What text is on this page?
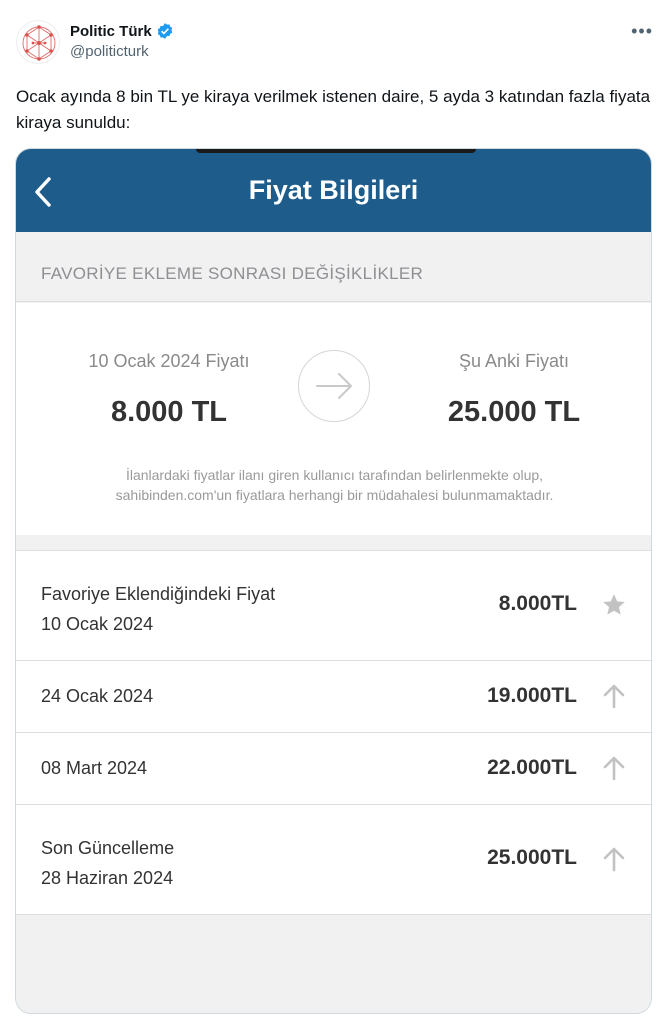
Politic Türk
@politicturk
•••
Ocak ayında 8 bin TL ye kiraya verilmek istenen daire, 5 ayda 3 katından fazla fiyata kiraya sunuldu:
Fiyat Bilgileri
FAVORİYE EKLEME SONRASI DEĞİŞİKLİKLER
10 Ocak 2024 Fiyatı
8.000 TL
Şu Anki Fiyatı
25.000 TL
İlanlardaki fiyatlar ilanı giren kullanıcı tarafından belirlenmekte olup,
sahibinden.com'un fiyatlara herhangi bir müdahalesi bulunmamaktadır.
Favoriye Eklendiğindeki Fiyat
10 Ocak 2024
8.000TL
24 Ocak 2024	19.000TL
08 Mart 2024	22.000TL
Son Güncelleme
28 Haziran 2024
25.000TL
